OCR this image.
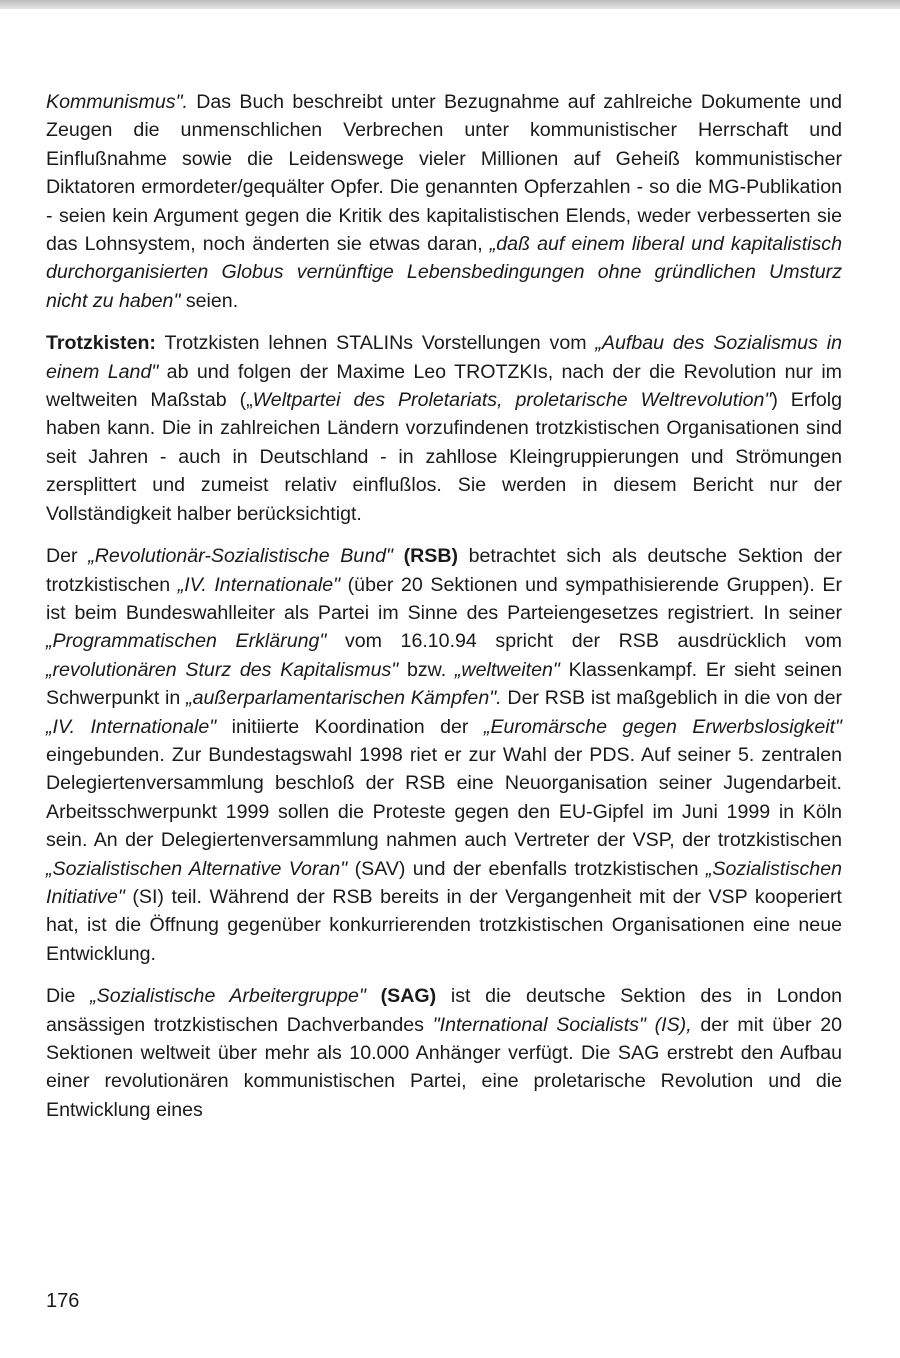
Kommunismus". Das Buch beschreibt unter Bezugnahme auf zahlreiche Dokumente und Zeugen die unmenschlichen Verbrechen unter kommunistischer Herrschaft und Einflußnahme sowie die Leidenswege vieler Millionen auf Geheiß kommunistischer Diktatoren ermordeter/gequälter Opfer. Die genannten Opferzahlen - so die MG-Publikation - seien kein Argument gegen die Kritik des kapitalistischen Elends, weder verbesserten sie das Lohnsystem, noch änderten sie etwas daran, „daß auf einem liberal und kapitalistisch durchorganisierten Globus vernünftige Lebensbedingungen ohne gründlichen Umsturz nicht zu haben" seien.

Trotzkisten: Trotzkisten lehnen STALINs Vorstellungen vom „Aufbau des Sozialismus in einem Land" ab und folgen der Maxime Leo TROTZKIs, nach der die Revolution nur im weltweiten Maßstab („Weltpartei des Proletariats, proletarische Weltrevolution") Erfolg haben kann. Die in zahlreichen Ländern vorzufindenen trotzkistischen Organisationen sind seit Jahren - auch in Deutschland - in zahllose Kleingruppierungen und Strömungen zersplittert und zumeist relativ einflußlos. Sie werden in diesem Bericht nur der Vollständigkeit halber berücksichtigt.

Der „Revolutionär-Sozialistische Bund" (RSB) betrachtet sich als deutsche Sektion der trotzkistischen „IV. Internationale" (über 20 Sektionen und sympathisierende Gruppen). Er ist beim Bundeswahlleiter als Partei im Sinne des Parteiengesetzes registriert. In seiner „Programmatischen Erklärung" vom 16.10.94 spricht der RSB ausdrücklich vom „revolutionären Sturz des Kapitalismus" bzw. „weltweiten" Klassenkampf. Er sieht seinen Schwerpunkt in „außerparlamentarischen Kämpfen". Der RSB ist maßgeblich in die von der „IV. Internationale" initiierte Koordination der „Euromärsche gegen Erwerbslosigkeit" eingebunden. Zur Bundestagswahl 1998 riet er zur Wahl der PDS. Auf seiner 5. zentralen Delegiertenversammlung beschloß der RSB eine Neuorganisation seiner Jugendarbeit. Arbeitsschwerpunkt 1999 sollen die Proteste gegen den EU-Gipfel im Juni 1999 in Köln sein. An der Delegiertenversammlung nahmen auch Vertreter der VSP, der trotzkistischen „Sozialistischen Alternative Voran" (SAV) und der ebenfalls trotzkistischen „Sozialistischen Initiative" (SI) teil. Während der RSB bereits in der Vergangenheit mit der VSP kooperiert hat, ist die Öffnung gegenüber konkurrierenden trotzkistischen Organisationen eine neue Entwicklung.

Die „Sozialistische Arbeitergruppe" (SAG) ist die deutsche Sektion des in London ansässigen trotzkistischen Dachverbandes "International Socialists" (IS), der mit über 20 Sektionen weltweit über mehr als 10.000 Anhänger verfügt. Die SAG erstrebt den Aufbau einer revolutionären kommunistischen Partei, eine proletarische Revolution und die Entwicklung eines

176
